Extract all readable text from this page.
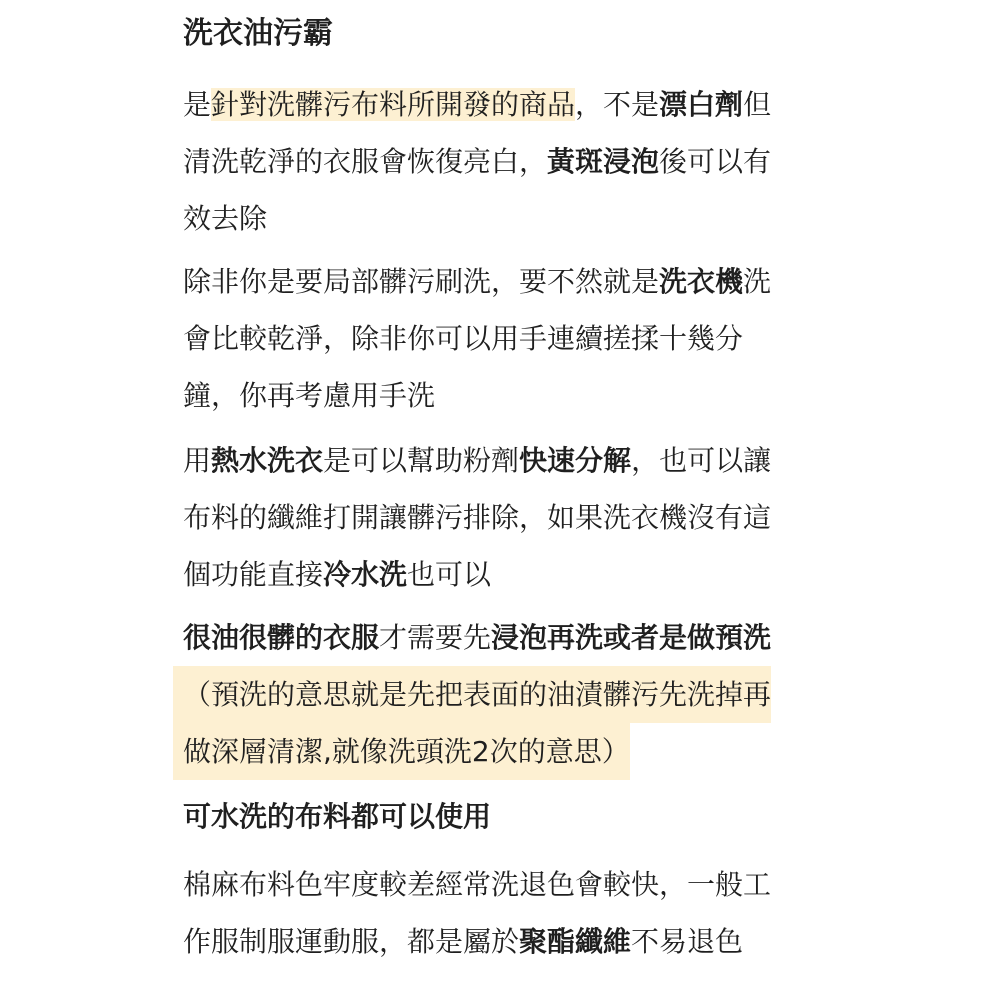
洗衣油污霸
是針對洗髒污布料所開發的商品，不是漂白劑但
清洗乾淨的衣服會恢復亮白，黃斑浸泡後可以有
效去除
除非你是要局部髒污刷洗，要不然就是洗衣機洗
會比較乾淨，除非你可以用手連續搓揉十幾分
鐘，你再考慮用手洗
用熱水洗衣是可以幫助粉劑快速分解，也可以讓
布料的纖維打開讓髒污排除，如果洗衣機沒有這
個功能直接冷水洗也可以
很油很髒的衣服才需要先浸泡再洗或者是做預洗
（預洗的意思就是先把表面的油漬髒污先洗掉再
做深層清潔,就像洗頭洗2次的意思）
可水洗的布料都可以使用
棉麻布料色牢度較差經常洗退色會較快，一般工
作服制服運動服，都是屬於聚酯纖維不易退色
